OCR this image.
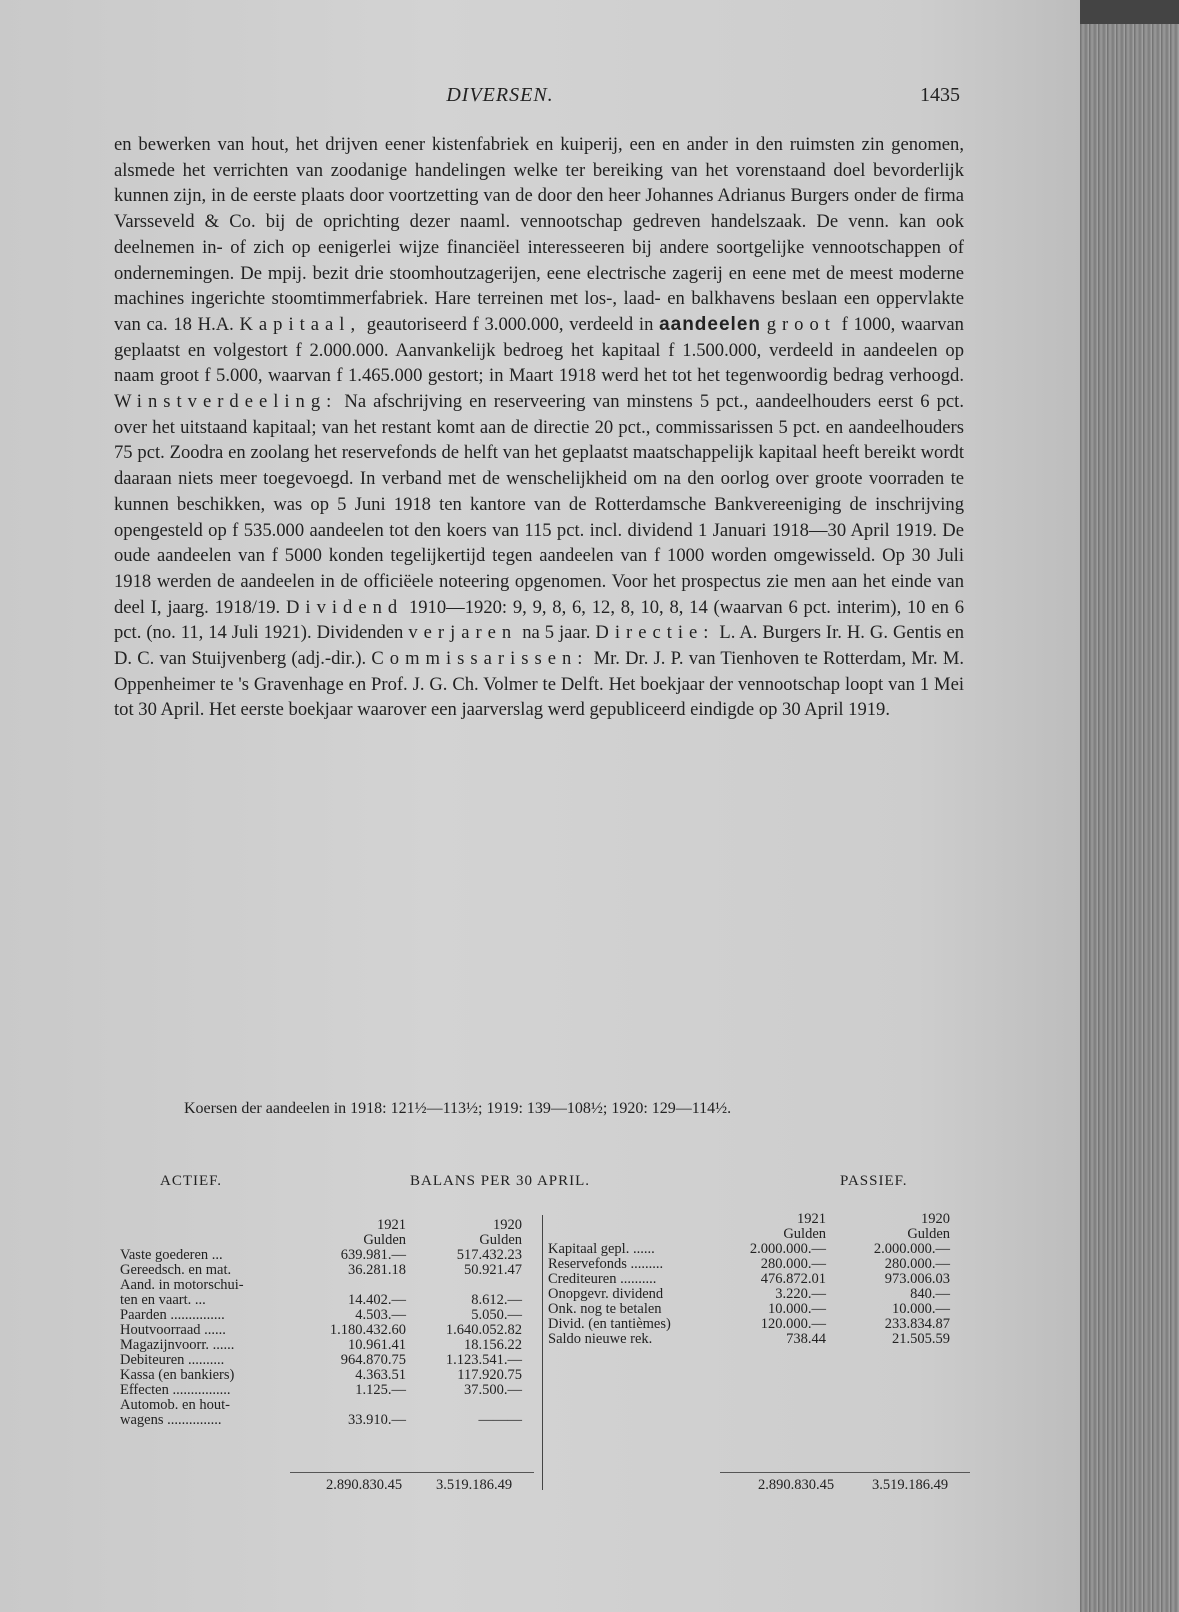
DIVERSEN.	1435

en bewerken van hout, het drijven eener kistenfabriek en kuiperij, een en ander in den ruimsten zin genomen, alsmede het verrichten van zoodanige handelingen welke ter bereiking van het vorenstaand doel bevorderlijk kunnen zijn, in de eerste plaats door voortzetting van de door den heer Johannes Adrianus Burgers onder de firma Varsseveld & Co. bij de oprichting dezer naaml. vennootschap gedreven handelszaak. De venn. kan ook deelnemen in- of zich op eenigerlei wijze financiëel interesseeren bij andere soortgelijke vennootschappen of ondernemingen. De mpij. bezit drie stoomhoutzagerijen, eene electrische zagerij en eene met de meest moderne machines ingerichte stoomtimmerfabriek. Hare terreinen met los-, laad- en balkhavens beslaan een oppervlakte van ca. 18 H.A. Kapitaal, geautoriseerd f 3.000.000, verdeeld in aandeelen groot f 1000, waarvan geplaatst en volgestort f 2.000.000. Aanvankelijk bedroeg het kapitaal f 1.500.000, verdeeld in aandeelen op naam groot f 5.000, waarvan f 1.465.000 gestort; in Maart 1918 werd het tot het tegenwoordig bedrag verhoogd. Winstverdeeling: Na afschrijving en reserveering van minstens 5 pct., aandeelhouders eerst 6 pct. over het uitstaand kapitaal; van het restant komt aan de directie 20 pct., commissarissen 5 pct. en aandeelhouders 75 pct. Zoodra en zoolang het reservefonds de helft van het geplaatst maatschappelijk kapitaal heeft bereikt wordt daaraan niets meer toegevoegd. In verband met de wenschelijkheid om na den oorlog over groote voorraden te kunnen beschikken, was op 5 Juni 1918 ten kantore van de Rotterdamsche Bankvereeniging de inschrijving opengesteld op f 535.000 aandeelen tot den koers van 115 pct. incl. dividend 1 Januari 1918—30 April 1919. De oude aandeelen van f 5000 konden tegelijkertijd tegen aandeelen van f 1000 worden omgewisseld. Op 30 Juli 1918 werden de aandeelen in de officiëele noteering opgenomen. Voor het prospectus zie men aan het einde van deel I, jaarg. 1918/19. Dividend 1910—1920: 9, 9, 8, 6, 12, 8, 10, 8, 14 (waarvan 6 pct. interim), 10 en 6 pct. (no. 11, 14 Juli 1921). Dividenden verjaren na 5 jaar. Directie: L. A. Burgers Ir. H. G. Gentis en D. C. van Stuijvenberg (adj.-dir.). Commissarissen: Mr. Dr. J. P. van Tienhoven te Rotterdam, Mr. M. Oppenheimer te 's Gravenhage en Prof. J. G. Ch. Volmer te Delft. Het boekjaar der vennootschap loopt van 1 Mei tot 30 April. Het eerste boekjaar waarover een jaarverslag werd gepubliceerd eindigde op 30 April 1919.

Koersen der aandeelen in 1918: 121½—113½; 1919: 139—108½; 1920: 129—114½.
ACTIEF.	BALANS PER 30 APRIL.	PASSIEF.
	1921	1920
	Gulden	Gulden
Vaste goederen ...	639.981.—	517.432.23
Gereedsch. en mat.	36.281.18	50.921.47
Aand. in motorschui-		
ten en vaart. ...	14.402.—	8.612.—
Paarden ...............	4.503.—	5.050.—
Houtvoorraad ......	1.180.432.60	1.640.052.82
Magazijnvoorr. ......	10.961.41	18.156.22
Debiteuren ..........	964.870.75	1.123.541.—
Kassa (en bankiers)	4.363.51	117.920.75
Effecten ................	1.125.—	37.500.—
Automob. en hout-		
wagens ...............	33.910.—	———
	1921	1920
	Gulden	Gulden
Kapitaal gepl. ......	2.000.000.—	2.000.000.—
Reservefonds .........	280.000.—	280.000.—
Crediteuren ..........	476.872.01	973.006.03
Onopgevr. dividend	3.220.—	840.—
Onk. nog te betalen	10.000.—	10.000.—
Divid. (en tantièmes)	120.000.—	233.834.87
Saldo nieuwe rek.	738.44	21.505.59
2.890.830.45 3.519.186.49	2.890.830.45	3.519.186.49
